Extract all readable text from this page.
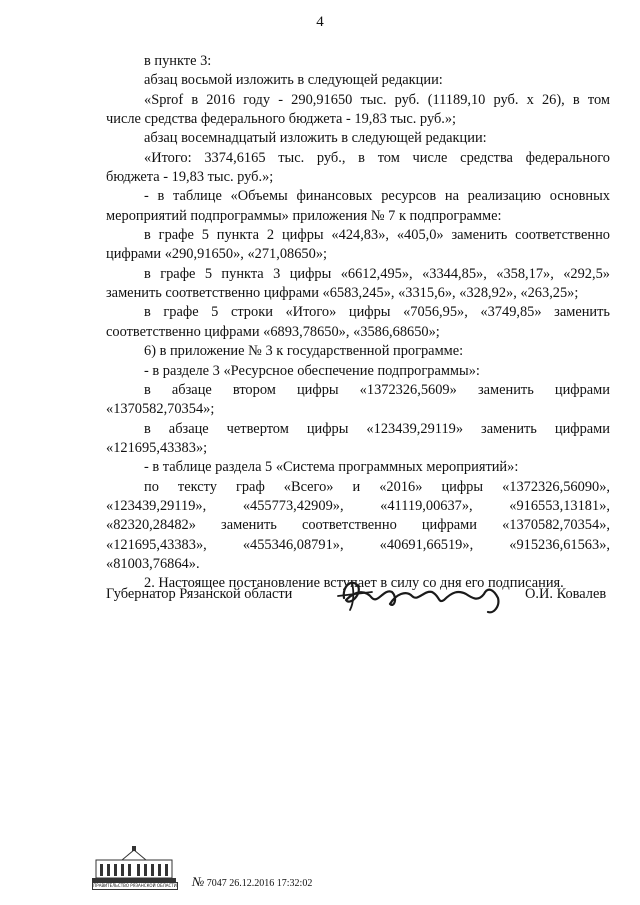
4
в пункте 3:
абзац восьмой изложить в следующей редакции:
«Sprof в 2016 году - 290,91650 тыс. руб. (11189,10 руб. х 26), в том
числе средства федерального бюджета - 19,83 тыс. руб.»;
абзац восемнадцатый изложить в следующей редакции:
«Итого: 3374,6165 тыс. руб., в том числе средства федерального
бюджета - 19,83 тыс. руб.»;
- в таблице «Объемы финансовых ресурсов на реализацию основных
мероприятий подпрограммы» приложения № 7 к подпрограмме:
в графе 5 пункта 2 цифры «424,83», «405,0» заменить соответственно
цифрами «290,91650», «271,08650»;
в графе 5 пункта 3 цифры «6612,495», «3344,85», «358,17», «292,5»
заменить соответственно цифрами «6583,245», «3315,6», «328,92», «263,25»;
в графе 5 строки «Итого» цифры «7056,95», «3749,85» заменить
соответственно цифрами «6893,78650», «3586,68650»;
6) в приложение № 3 к государственной программе:
- в разделе 3 «Ресурсное обеспечение подпрограммы»:
в абзаце втором цифры «1372326,5609» заменить цифрами
«1370582,70354»;
в абзаце четвертом цифры «123439,29119» заменить цифрами
«121695,43383»;
- в таблице раздела 5 «Система программных мероприятий»:
по тексту граф «Всего» и «2016» цифры «1372326,56090»,
«123439,29119», «455773,42909», «41119,00637», «916553,13181»,
«82320,28482» заменить соответственно цифрами «1370582,70354»,
«121695,43383», «455346,08791», «40691,66519», «915236,61563»,
«81003,76864».
2. Настоящее постановление вступает в силу со дня его подписания.
Губернатор Рязанской области	О.И. Ковалев
ПРАВИТЕЛЬСТВО РЯЗАНСКОЙ ОБЛАСТИ № 7047 26.12.2016 17:32:02
